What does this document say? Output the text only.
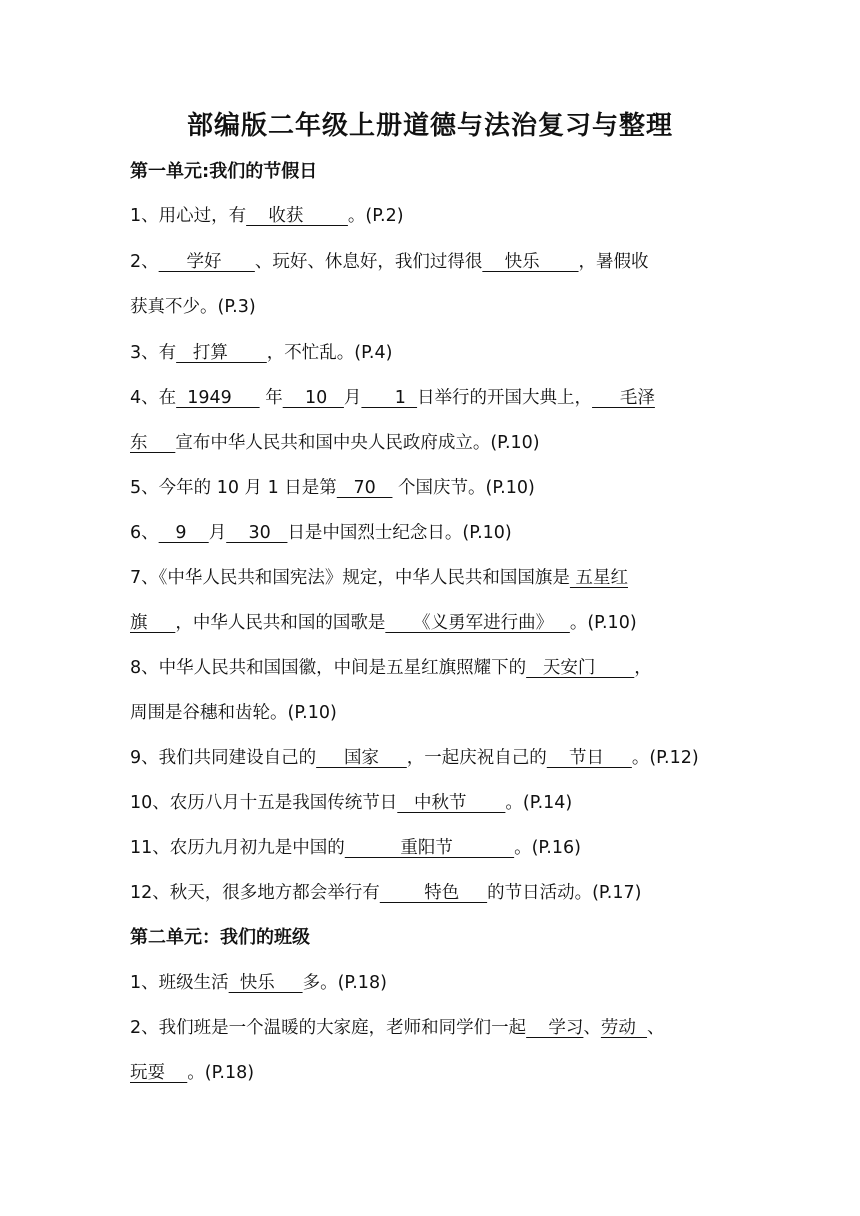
部编版二年级上册道德与法治复习与整理
第一单元:我们的节假日
1、用心过，有    收获        。(P.2)
2、     学好      、玩好、休息好，我们过得很    快乐       ，暑假收
获真不少。(P.3)
3、有   打算       ，不忙乱。(P.4)
4、在  1949      年    10   月      1  日举行的开国大典上，     毛泽
东     宣布中华人民共和国中央人民政府成立。(P.10)
5、今年的 10 月 1 日是第   70    个国庆节。(P.10)
6、   9    月    30   日是中国烈士纪念日。(P.10)
7、《中华人民共和国宪法》规定，中华人民共和国国旗是 五星红
旗     ，中华人民共和国的国歌是     《义勇军进行曲》   。(P.10)
8、中华人民共和国国徽，中间是五星红旗照耀下的   天安门       ，
周围是谷穗和齿轮。(P.10)
9、我们共同建设自己的     国家     ，一起庆祝自己的    节日     。(P.12)
10、农历八月十五是我国传统节日   中秋节       。(P.14)
11、农历九月初九是中国的          重阳节           。(P.16)
12、秋天，很多地方都会举行有        特色     的节日活动。(P.17)
第二单元：我们的班级
1、班级生活  快乐     多。(P.18)
2、我们班是一个温暖的大家庭，老师和同学们一起    学习、劳动  、
玩耍    。(P.18)
